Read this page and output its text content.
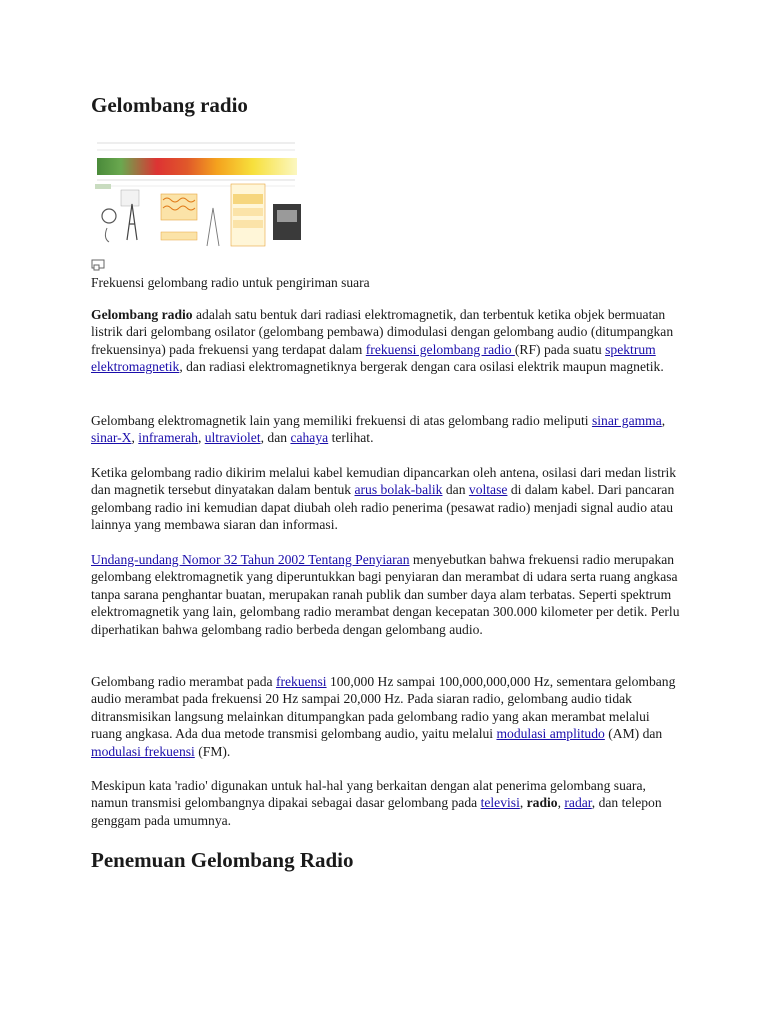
Gelombang radio
Frekuensi gelombang radio untuk pengiriman suara

Gelombang radio adalah satu bentuk dari radiasi elektromagnetik, dan terbentuk ketika objek bermuatan listrik dari gelombang osilator (gelombang pembawa) dimodulasi dengan gelombang audio (ditumpangkan frekuensinya) pada frekuensi yang terdapat dalam frekuensi gelombang radio (RF) pada suatu spektrum elektromagnetik, dan radiasi elektromagnetiknya bergerak dengan cara osilasi elektrik maupun magnetik.

Gelombang elektromagnetik lain yang memiliki frekuensi di atas gelombang radio meliputi sinar gamma, sinar-X, inframerah, ultraviolet, dan cahaya terlihat.

Ketika gelombang radio dikirim melalui kabel kemudian dipancarkan oleh antena, osilasi dari medan listrik dan magnetik tersebut dinyatakan dalam bentuk arus bolak-balik dan voltase di dalam kabel. Dari pancaran gelombang radio ini kemudian dapat diubah oleh radio penerima (pesawat radio) menjadi signal audio atau lainnya yang membawa siaran dan informasi.

Undang-undang Nomor 32 Tahun 2002 Tentang Penyiaran menyebutkan bahwa frekuensi radio merupakan gelombang elektromagnetik yang diperuntukkan bagi penyiaran dan merambat di udara serta ruang angkasa tanpa sarana penghantar buatan, merupakan ranah publik dan sumber daya alam terbatas. Seperti spektrum elektromagnetik yang lain, gelombang radio merambat dengan kecepatan 300.000 kilometer per detik. Perlu diperhatikan bahwa gelombang radio berbeda dengan gelombang audio.

Gelombang radio merambat pada frekuensi 100,000 Hz sampai 100,000,000,000 Hz, sementara gelombang audio merambat pada frekuensi 20 Hz sampai 20,000 Hz. Pada siaran radio, gelombang audio tidak ditransmisikan langsung melainkan ditumpangkan pada gelombang radio yang akan merambat melalui ruang angkasa. Ada dua metode transmisi gelombang audio, yaitu melalui modulasi amplitudo (AM) dan modulasi frekuensi (FM).

Meskipun kata 'radio' digunakan untuk hal-hal yang berkaitan dengan alat penerima gelombang suara, namun transmisi gelombangnya dipakai sebagai dasar gelombang pada televisi, radio, radar, dan telepon genggam pada umumnya.

Penemuan Gelombang Radio
